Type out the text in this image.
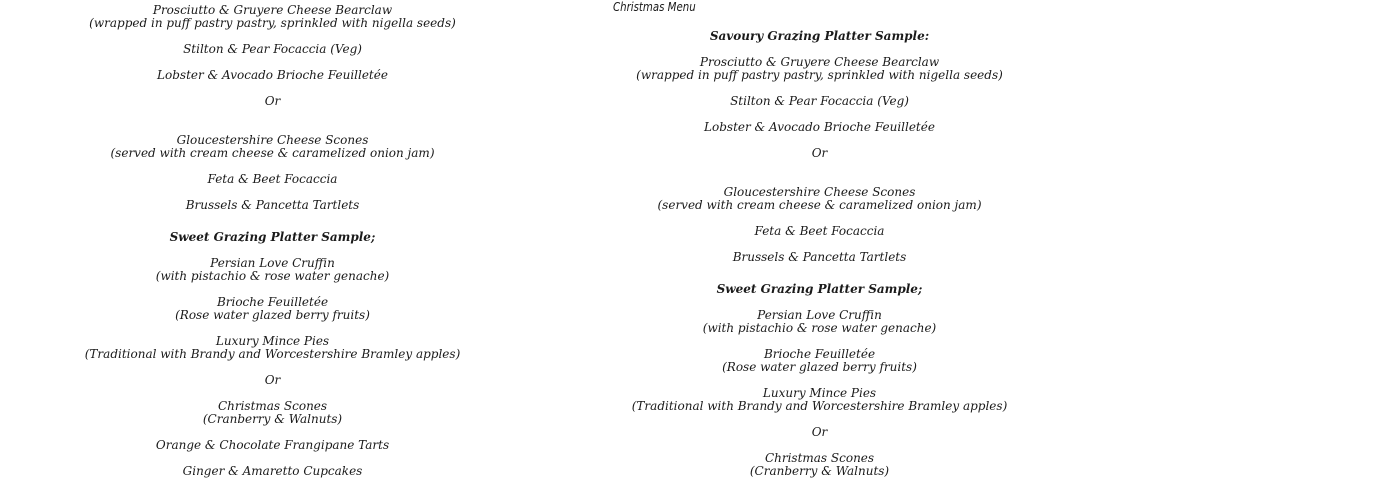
Christmas Menu
Prosciutto & Gruyere Cheese Bearclaw
(wrapped in puff pastry pastry, sprinkled with nigella seeds)
Stilton & Pear Focaccia (Veg)
Lobster & Avocado Brioche Feuilletée
Or
Gloucestershire Cheese Scones
(served with cream cheese & caramelized onion jam)
Feta & Beet Focaccia
Brussels & Pancetta Tartlets
Sweet Grazing Platter Sample;
Persian Love Cruffin
(with pistachio & rose water genache)
Brioche Feuilletée
(Rose water glazed berry fruits)
Luxury Mince Pies
(Traditional with Brandy and Worcestershire Bramley apples)
Or
Christmas Scones
(Cranberry & Walnuts)
Orange & Chocolate Frangipane Tarts
Ginger & Amaretto Cupcakes
Savoury Grazing Platter Sample:
Prosciutto & Gruyere Cheese Bearclaw
(wrapped in puff pastry pastry, sprinkled with nigella seeds)
Stilton & Pear Focaccia (Veg)
Lobster & Avocado Brioche Feuilletée
Or
Gloucestershire Cheese Scones
(served with cream cheese & caramelized onion jam)
Feta & Beet Focaccia
Brussels & Pancetta Tartlets
Sweet Grazing Platter Sample;
Persian Love Cruffin
(with pistachio & rose water genache)
Brioche Feuilletée
(Rose water glazed berry fruits)
Luxury Mince Pies
(Traditional with Brandy and Worcestershire Bramley apples)
Or
Christmas Scones
(Cranberry & Walnuts)
